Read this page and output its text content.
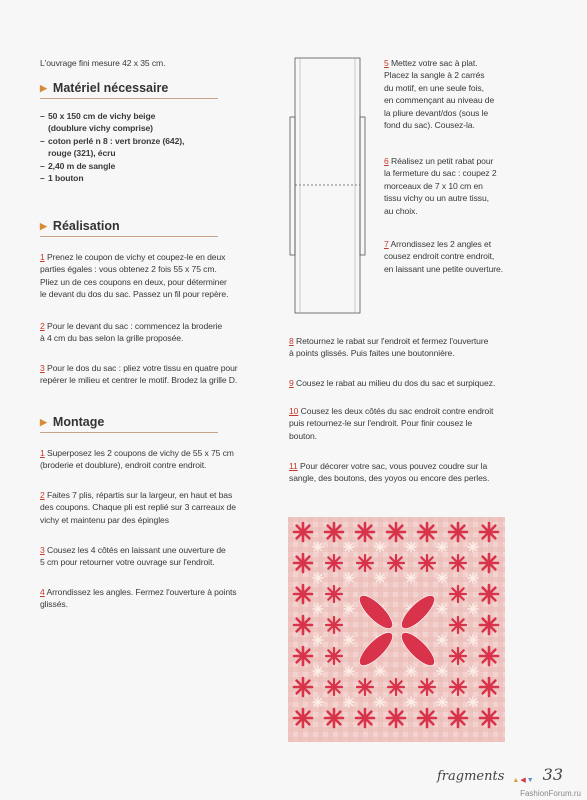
L'ouvrage fini mesure 42 x 35 cm.
▶ Matériel nécessaire
– 50 x 150 cm de vichy beige
(doublure vichy comprise)
– coton perlé n 8 : vert bronze (642),
rouge (321), écru
– 2,40 m de sangle
– 1 bouton
▶ Réalisation
1 Prenez le coupon de vichy et coupez-le en deux
parties égales : vous obtenez 2 fois 55 x 75 cm.
Pliez un de ces coupons en deux, pour déterminer
le devant du dos du sac. Passez un fil pour repère.
2 Pour le devant du sac : commencez la broderie
à 4 cm du bas selon la grille proposée.
3 Pour le dos du sac : pliez votre tissu en quatre pour
repérer le milieu et centrer le motif. Brodez la grille D.
▶ Montage
1 Superposez les 2 coupons de vichy de 55 x 75 cm
(broderie et doublure), endroit contre endroit.
2 Faites 7 plis, répartis sur la largeur, en haut et bas
des coupons. Chaque pli est replié sur 3 carreaux de
vichy et maintenu par des épingles
3 Cousez les 4 côtés en laissant une ouverture de
5 cm pour retourner votre ouvrage sur l'endroit.
4 Arrondissez les angles. Fermez l'ouverture à points
glissés.
5 Mettez votre sac à plat.
Placez la sangle à 2 carrés
du motif, en une seule fois,
en commençant au niveau de
la pliure devant/dos (sous le
fond du sac). Cousez-la.
6 Réalisez un petit rabat pour
la fermeture du sac : coupez 2
morceaux de 7 x 10 cm en
tissu vichy ou un autre tissu,
au choix.
7 Arrondissez les 2 angles et
cousez endroit contre endroit,
en laissant une petite ouverture.
8 Retournez le rabat sur l'endroit et fermez l'ouverture
à points glissés. Puis faites une boutonnière.
9 Cousez le rabat au milieu du dos du sac et surpiquez.
10 Cousez les deux côtés du sac endroit contre endroit
puis retournez-le sur l'endroit. Pour finir cousez le
bouton.
11 Pour décorer votre sac, vous pouvez coudre sur la
sangle, des boutons, des yoyos ou encore des perles.
fragments ▲◀▼ 33
FashionForum.ru
